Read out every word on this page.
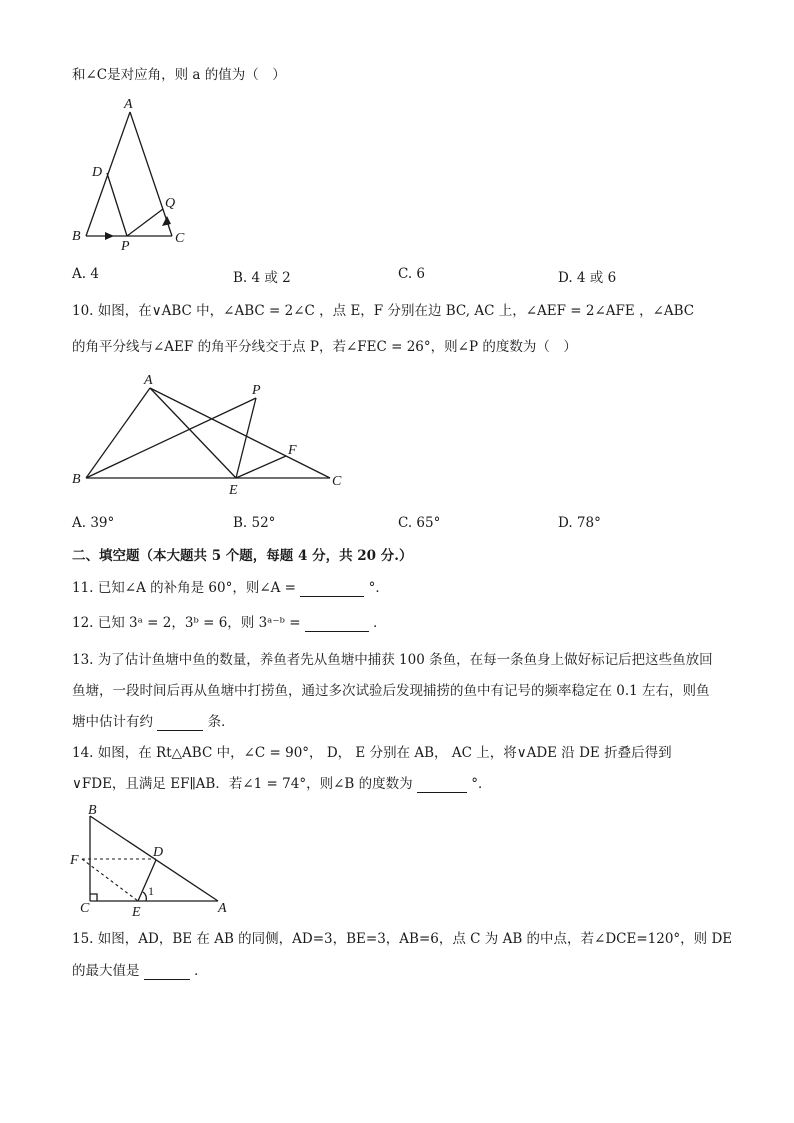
和∠C是对应角，则 a 的值为（　）
A
B	C
D
P
Q
A. 4	B. 4 或 2	C. 6	D. 4 或 6
10. 如图，在∨ABC 中，∠ABC = 2∠C ，点 E，F 分别在边 BC, AC 上，∠AEF = 2∠AFE ，∠ABC
的角平分线与∠AEF 的角平分线交于点 P，若∠FEC = 26°，则∠P 的度数为（　）
A
B	C
E
F
P
A. 39°	B. 52°	C. 65°	D. 78°
二、填空题（本大题共 5 个题，每题 4 分，共 20 分.）
11. 已知∠A 的补角是 60°，则∠A =	°．
12. 已知 3ᵃ = 2，3ᵇ = 6，则 3ᵃ⁻ᵇ =	．
13. 为了估计鱼塘中鱼的数量，养鱼者先从鱼塘中捕获 100 条鱼，在每一条鱼身上做好标记后把这些鱼放回
鱼塘，一段时间后再从鱼塘中打捞鱼，通过多次试验后发现捕捞的鱼中有记号的频率稳定在 0.1 左右，则鱼
塘中估计有约	条．
14. 如图，在 Rt△ABC 中，∠C = 90°， D， E 分别在 AB， AC 上，将∨ADE 沿 DE 折叠后得到
∨FDE，且满足 EF∥AB．若∠1 = 74°，则∠B 的度数为	°．
B
C	A
D
E
F
1
15. 如图，AD，BE 在 AB 的同侧，AD=3，BE=3，AB=6，点 C 为 AB 的中点，若∠DCE=120°，则 DE
的最大值是	．
